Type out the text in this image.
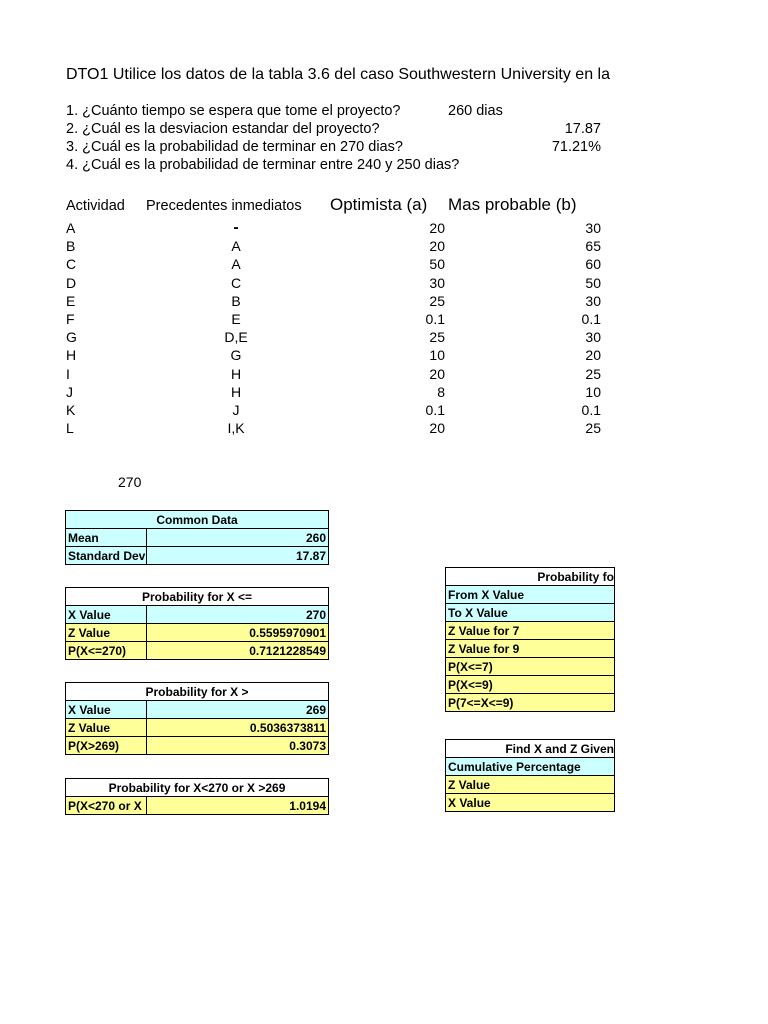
DTO1 Utilice los datos de la tabla 3.6 del caso Southwestern University en la
1. ¿Cuánto tiempo se espera que tome el proyecto?	260 dias
2. ¿Cuál es la desviacion estandar del proyecto?	17.87
3. ¿Cuál es la probabilidad de terminar en 270 dias?	71.21%
4. ¿Cuál es la probabilidad de terminar entre 240 y 250 dias?
Actividad Precedentes inmediatos Optimista (a) Mas probable (b)
A	-	20	30
B	A	20	65
C	A	50	60
D	C	30	50
E	B	25	30
F	E	0.1	0.1
G	D,E	25	30
H	G	10	20
I	H	20	25
J	H	8	10
K	J	0.1	0.1
L	I,K	20	25
270
Common Data	
Mean	260
Standard Dev	17.87
Probability for X <=	
X Value	270
Z Value	0.5595970901
P(X<=270)	0.7121228549
Probability for X >	
X Value	269
Z Value	0.5036373811
P(X>269)	0.3073
Probability for X<270 or X >269
P(X<270 or X	1.0194
Probability fo
From X Value
To X Value
Z Value for 7
Z Value for 9
P(X<=7)
P(X<=9)
P(7<=X<=9)
Find X and Z Given
Cumulative Percentage
Z Value
X Value
